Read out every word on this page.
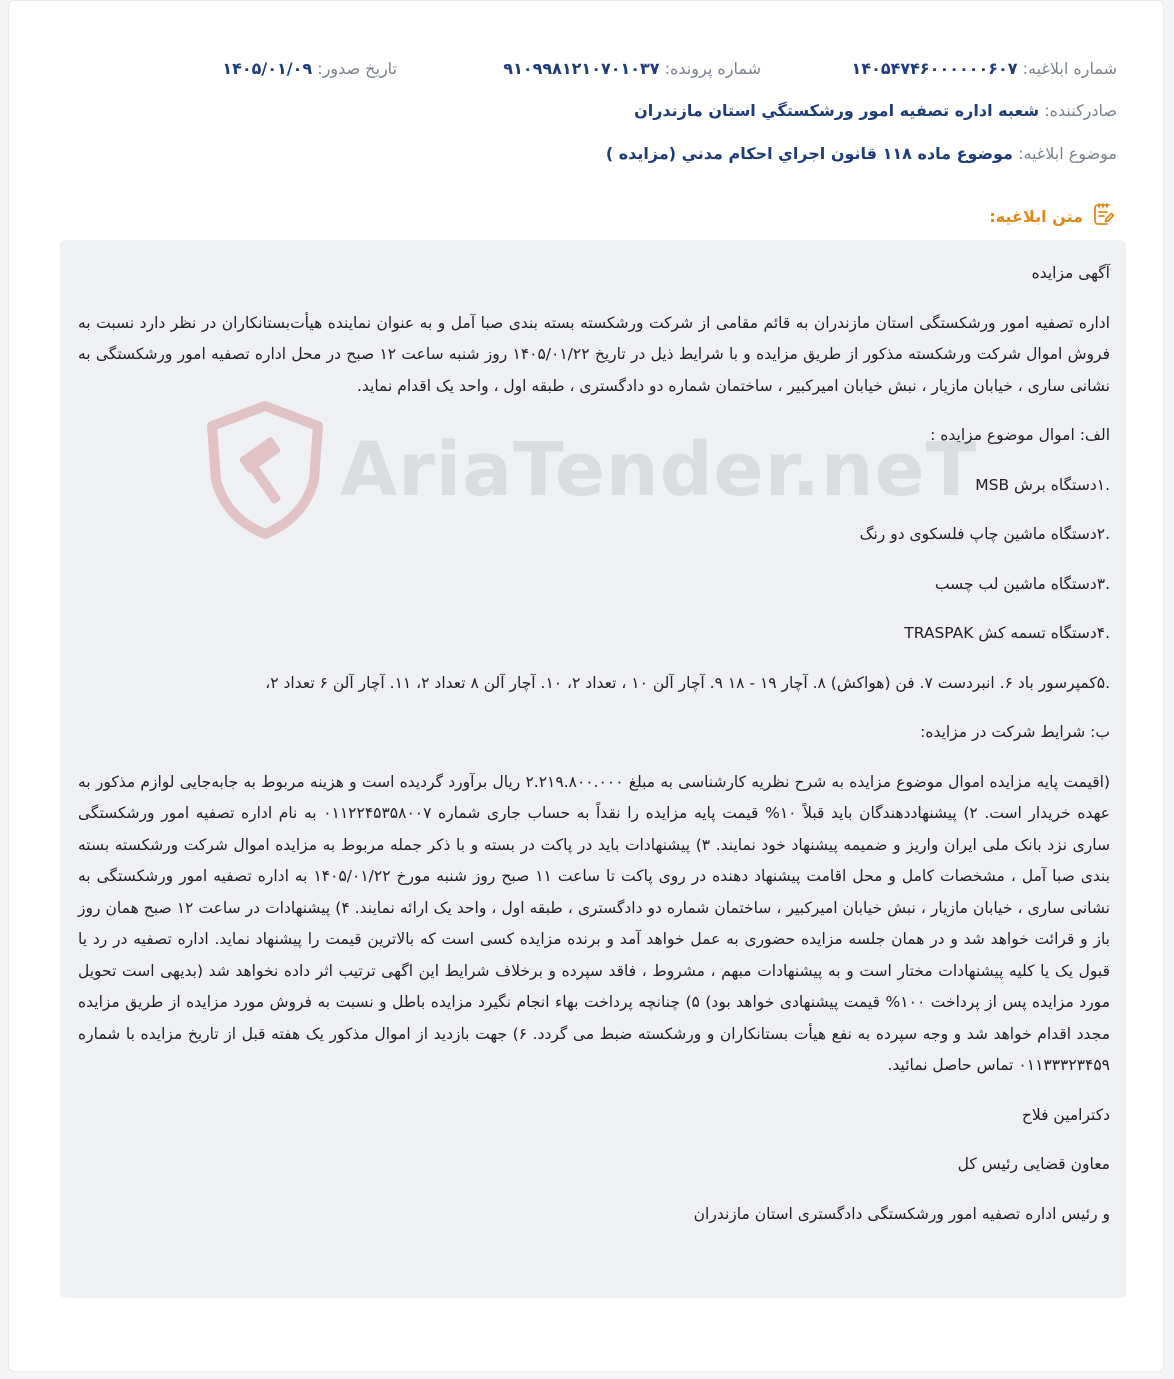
شماره ابلاغیه: ۱۴۰۵۴۷۴۶۰۰۰۰۰۰۶۰۷
شماره پرونده: ۹۱۰۹۹۸۱۲۱۰۷۰۱۰۳۷
تاریخ صدور: ۱۴۰۵/۰۱/۰۹
صادرکننده: شعبه اداره تصفيه امور ورشكستگي استان مازندران
موضوع ابلاغیه: موضوع ماده ۱۱۸ قانون اجراي احكام مدني (مزايده )
متن ابلاغیه:
AriaTender.neT

آگهی مزایده

اداره تصفیه امور ورشکستگی استان مازندران به قائم مقامی از شرکت ورشکسته بسته بندی صبا آمل و به عنوان نماینده هیأت‌بستانکاران در نظر دارد نسبت به فروش اموال شرکت ورشکسته مذکور از طریق مزایده و با شرایط ذیل در تاریخ ۱۴۰۵/۰۱/۲۲ روز شنبه ساعت ۱۲ صبح در محل اداره تصفیه امور ورشکستگی به نشانی ساری ، خیابان مازیار ، نبش خیابان امیرکبیر ، ساختمان شماره دو دادگستری ، طبقه اول ، واحد یک اقدام نماید.

الف: اموال موضوع مزایده :

.۱دستگاه برش MSB

.۲دستگاه ماشین چاپ فلسکوی دو رنگ

.۳دستگاه ماشین لب چسب

.۴دستگاه تسمه کش TRASPAK

.۵کمپرسور باد ۶. انبردست ۷. فن (هواکش) ۸. آچار ۱۹ - ۱۸ ۹. آچار آلن ۱۰ ، تعداد ۲، ۱۰. آچار آلن ۸ تعداد ۲، ۱۱. آچار آلن ۶ تعداد ۲،

ب: شرایط شرکت در مزایده:

(اقیمت پایه مزایده اموال موضوع مزایده به شرح نظریه کارشناسی به مبلغ ۲.۲۱۹.۸۰۰.۰۰۰ ریال برآورد گردیده است و هزینه مربوط به جابه‌جایی لوازم مذکور به عهده خریدار است. ۲) پیشنهاددهندگان باید قبلاً ۱۰% قیمت پایه مزایده را نقداً به حساب جاری شماره ۰۱۱۲۲۴۵۳۵۸۰۰۷ به نام اداره تصفیه امور ورشکستگی ساری نزد بانک ملی ایران واریز و ضمیمه پیشنهاد خود نمایند. ۳) پیشنهادات باید در پاکت در بسته و با ذکر جمله مربوط به مزایده اموال شرکت ورشکسته بسته بندی صبا آمل ، مشخصات کامل و محل اقامت پیشنهاد دهنده در روی پاکت تا ساعت ۱۱ صبح روز شنبه مورخ ۱۴۰۵/۰۱/۲۲ به اداره تصفیه امور ورشکستگی به نشانی ساری ، خیابان مازیار ، نبش خیابان امیرکبیر ، ساختمان شماره دو دادگستری ، طبقه اول ، واحد یک ارائه نمایند. ۴) پیشنهادات در ساعت ۱۲ صبح همان روز باز و قرائت خواهد شد و در همان جلسه مزایده حضوری به عمل خواهد آمد و برنده مزایده کسی است که بالاترین قیمت را پیشنهاد نماید. اداره تصفیه در رد یا قبول یک یا کلیه پیشنهادات مختار است و به پیشنهادات مبهم ، مشروط ، فاقد سپرده و برخلاف شرایط این اگهی ترتیب اثر داده نخواهد شد (بدیهی است تحویل مورد مزایده پس از پرداخت ۱۰۰% قیمت پیشنهادی خواهد بود) ۵) چنانچه پرداخت بهاء انجام نگیرد مزایده باطل و نسبت به فروش مورد مزایده از طریق مزایده مجدد اقدام خواهد شد و وجه سپرده به نفع هیأت بستانکاران و ورشکسته ضبط می گردد. ۶) جهت بازدید از اموال مذکور یک هفته قبل از تاریخ مزایده با شماره ۰۱۱۳۳۳۲۳۴۵۹ تماس حاصل نمائید.

دکترامین فلاح

معاون قضایی رئیس کل

و رئیس اداره تصفیه امور ورشکستگی دادگستری استان مازندران
